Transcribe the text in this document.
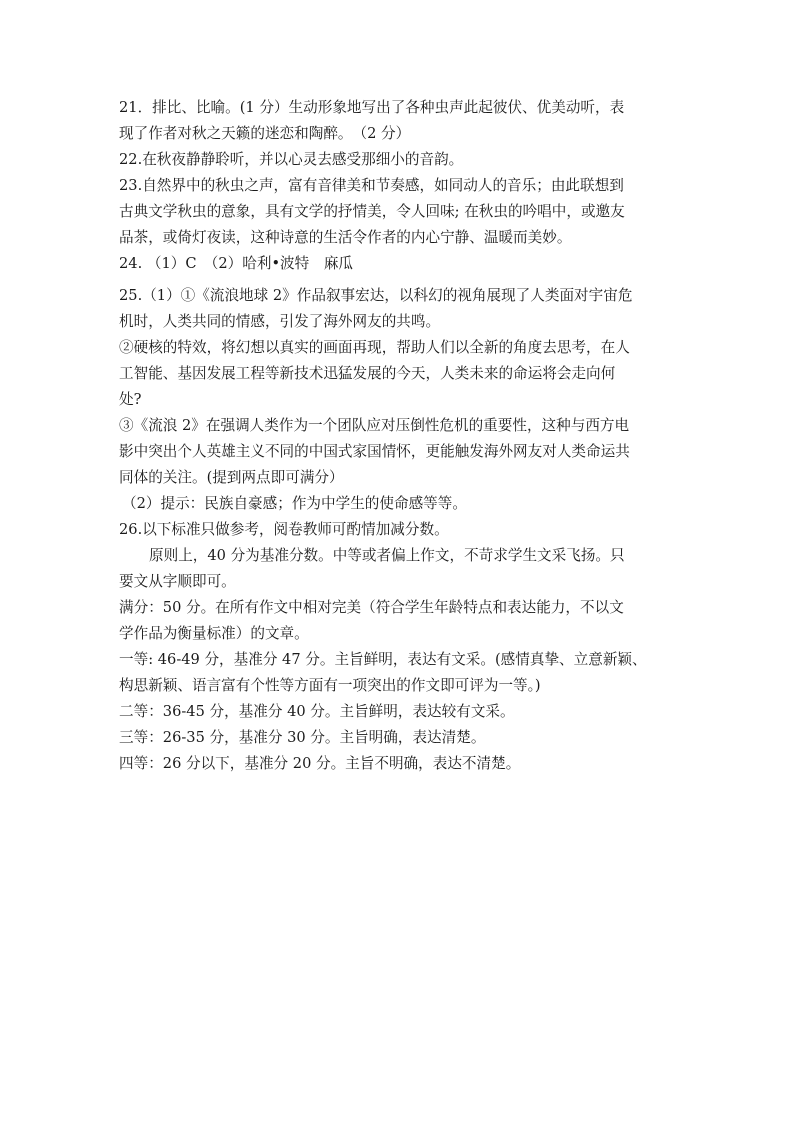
21．排比、比喻。(1 分）生动形象地写出了各种虫声此起彼伏、优美动听，表
现了作者对秋之天籁的迷恋和陶醉。　（2 分）
22.在秋夜静静聆听，并以心灵去感受那细小的音韵。
23.自然界中的秋虫之声，富有音律美和节奏感，如同动人的音乐；由此联想到
古典文学秋虫的意象，具有文学的抒情美，令人回味; 在秋虫的吟唱中，或邀友
品茶，或倚灯夜读，这种诗意的生活令作者的内心宁静、温暖而美妙。
24. （1）C　（2）哈利•波特　麻瓜
25.（1）①《流浪地球 2》作品叙事宏达，以科幻的视角展现了人类面对宇宙危
机时，人类共同的情感，引发了海外网友的共鸣。
②硬核的特效，将幻想以真实的画面再现，帮助人们以全新的角度去思考，在人
工智能、基因发展工程等新技术迅猛发展的今天，人类未来的命运将会走向何
处?
③《流浪 2》在强调人类作为一个团队应对压倒性危机的重要性，这种与西方电
影中突出个人英雄主义不同的中国式家国情怀，更能触发海外网友对人类命运共
同体的关注。(提到两点即可满分）
（2）提示：民族自豪感；作为中学生的使命感等等。
26.以下标准只做参考，阅卷教师可酌情加减分数。
原则上，40 分为基准分数。中等或者偏上作文，不苛求学生文采飞扬。只
要文从字顺即可。
满分：50 分。在所有作文中相对完美（符合学生年龄特点和表达能力，不以文
学作品为衡量标准）的文章。
一等: 46-49 分，基准分 47 分。主旨鲜明，表达有文采。(感情真挚、立意新颖、
构思新颖、语言富有个性等方面有一项突出的作文即可评为一等。)
二等：36-45 分，基准分 40 分。主旨鲜明，表达较有文采。
三等：26-35 分，基准分 30 分。主旨明确，表达清楚。
四等：26 分以下，基准分 20 分。主旨不明确，表达不清楚。
